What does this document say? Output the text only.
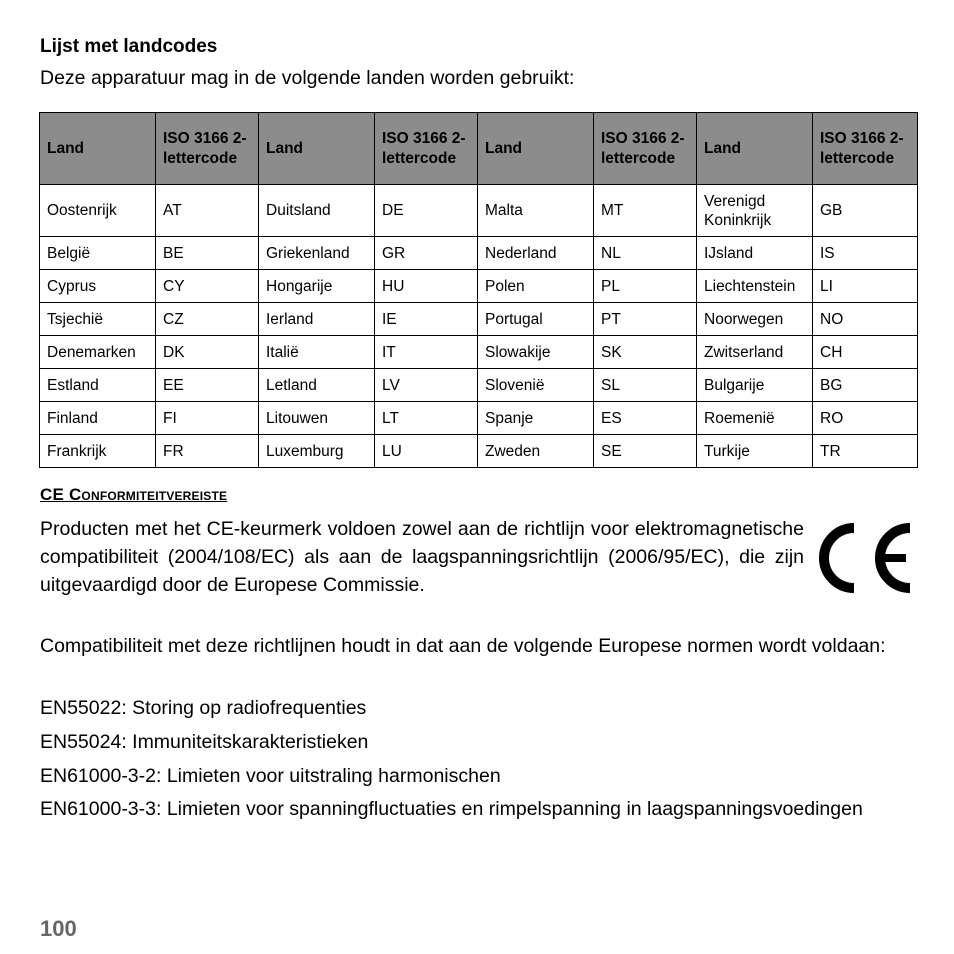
Lijst met landcodes
Deze apparatuur mag in de volgende landen worden gebruikt:
Land	ISO 3166 2-lettercode	Land	ISO 3166 2-lettercode	Land	ISO 3166 2-lettercode	Land	ISO 3166 2-lettercode
Oostenrijk	AT	Duitsland	DE	Malta	MT	Verenigd Koninkrijk	GB
België	BE	Griekenland	GR	Nederland	NL	IJsland	IS
Cyprus	CY	Hongarije	HU	Polen	PL	Liechtenstein	LI
Tsjechië	CZ	Ierland	IE	Portugal	PT	Noorwegen	NO
Denemarken	DK	Italië	IT	Slowakije	SK	Zwitserland	CH
Estland	EE	Letland	LV	Slovenië	SL	Bulgarije	BG
Finland	FI	Litouwen	LT	Spanje	ES	Roemenië	RO
Frankrijk	FR	Luxemburg	LU	Zweden	SE	Turkije	TR
CE Conformiteitvereiste
Producten met het CE-keurmerk voldoen zowel aan de richtlijn voor elektromagnetische compatibiliteit (2004/108/EC) als aan de laagspanningsrichtlijn (2006/95/EC), die zijn uitgevaardigd door de Europese Commissie.
Compatibiliteit met deze richtlijnen houdt in dat aan de volgende Europese normen wordt voldaan:
EN55022: Storing op radiofrequenties
EN55024: Immuniteitskarakteristieken
EN61000-3-2: Limieten voor uitstraling harmonischen
EN61000-3-3: Limieten voor spanningfluctuaties en rimpelspanning in laagspanningsvoedingen
100
